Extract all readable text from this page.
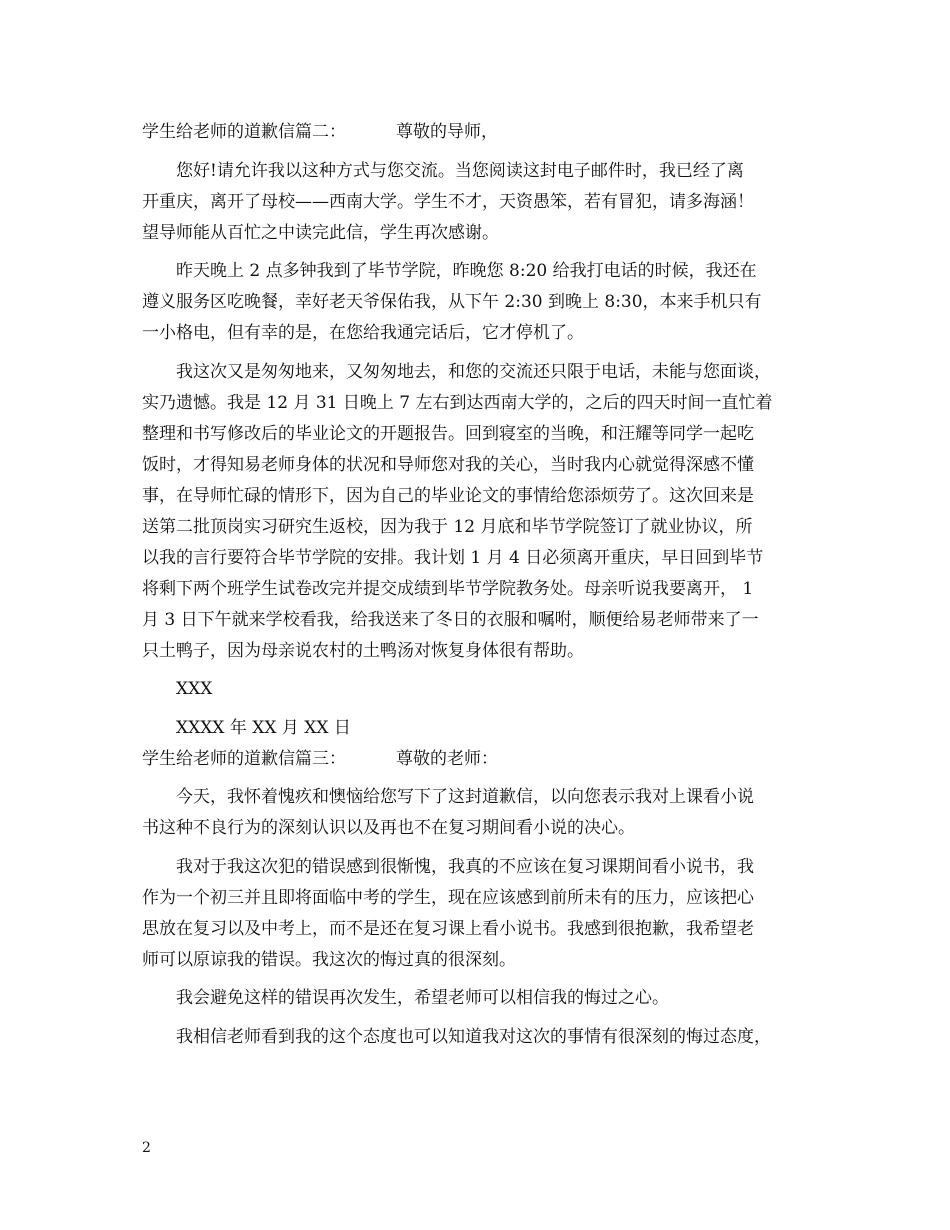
学生给老师的道歉信篇二：	尊敬的导师，
您好!请允许我以这种方式与您交流。当您阅读这封电子邮件时，我已经了离
开重庆，离开了母校——西南大学。学生不才，天资愚笨，若有冒犯，请多海涵！
望导师能从百忙之中读完此信，学生再次感谢。
昨天晚上 2 点多钟我到了毕节学院，昨晚您 8:20 给我打电话的时候，我还在
遵义服务区吃晚餐，幸好老天爷保佑我，从下午 2:30 到晚上 8:30，本来手机只有
一小格电，但有幸的是，在您给我通完话后，它才停机了。
我这次又是匆匆地来，又匆匆地去，和您的交流还只限于电话，未能与您面谈，
实乃遗憾。我是 12 月 31 日晚上 7 左右到达西南大学的，之后的四天时间一直忙着
整理和书写修改后的毕业论文的开题报告。回到寝室的当晚，和汪耀等同学一起吃
饭时，才得知易老师身体的状况和导师您对我的关心，当时我内心就觉得深感不懂
事，在导师忙碌的情形下，因为自己的毕业论文的事情给您添烦劳了。这次回来是
送第二批顶岗实习研究生返校，因为我于 12 月底和毕节学院签订了就业协议，所
以我的言行要符合毕节学院的安排。我计划 1 月 4 日必须离开重庆，早日回到毕节
将剩下两个班学生试卷改完并提交成绩到毕节学院教务处。母亲听说我要离开， 1
月 3 日下午就来学校看我，给我送来了冬日的衣服和嘱咐，顺便给易老师带来了一
只土鸭子，因为母亲说农村的土鸭汤对恢复身体很有帮助。
XXX
XXXX 年 XX 月 XX 日
学生给老师的道歉信篇三：	尊敬的老师：
今天，我怀着愧疚和懊恼给您写下了这封道歉信，以向您表示我对上课看小说
书这种不良行为的深刻认识以及再也不在复习期间看小说的决心。
我对于我这次犯的错误感到很惭愧，我真的不应该在复习课期间看小说书，我
作为一个初三并且即将面临中考的学生，现在应该感到前所未有的压力，应该把心
思放在复习以及中考上，而不是还在复习课上看小说书。我感到很抱歉，我希望老
师可以原谅我的错误。我这次的悔过真的很深刻。
我会避免这样的错误再次发生，希望老师可以相信我的悔过之心。
我相信老师看到我的这个态度也可以知道我对这次的事情有很深刻的悔过态度，
2
